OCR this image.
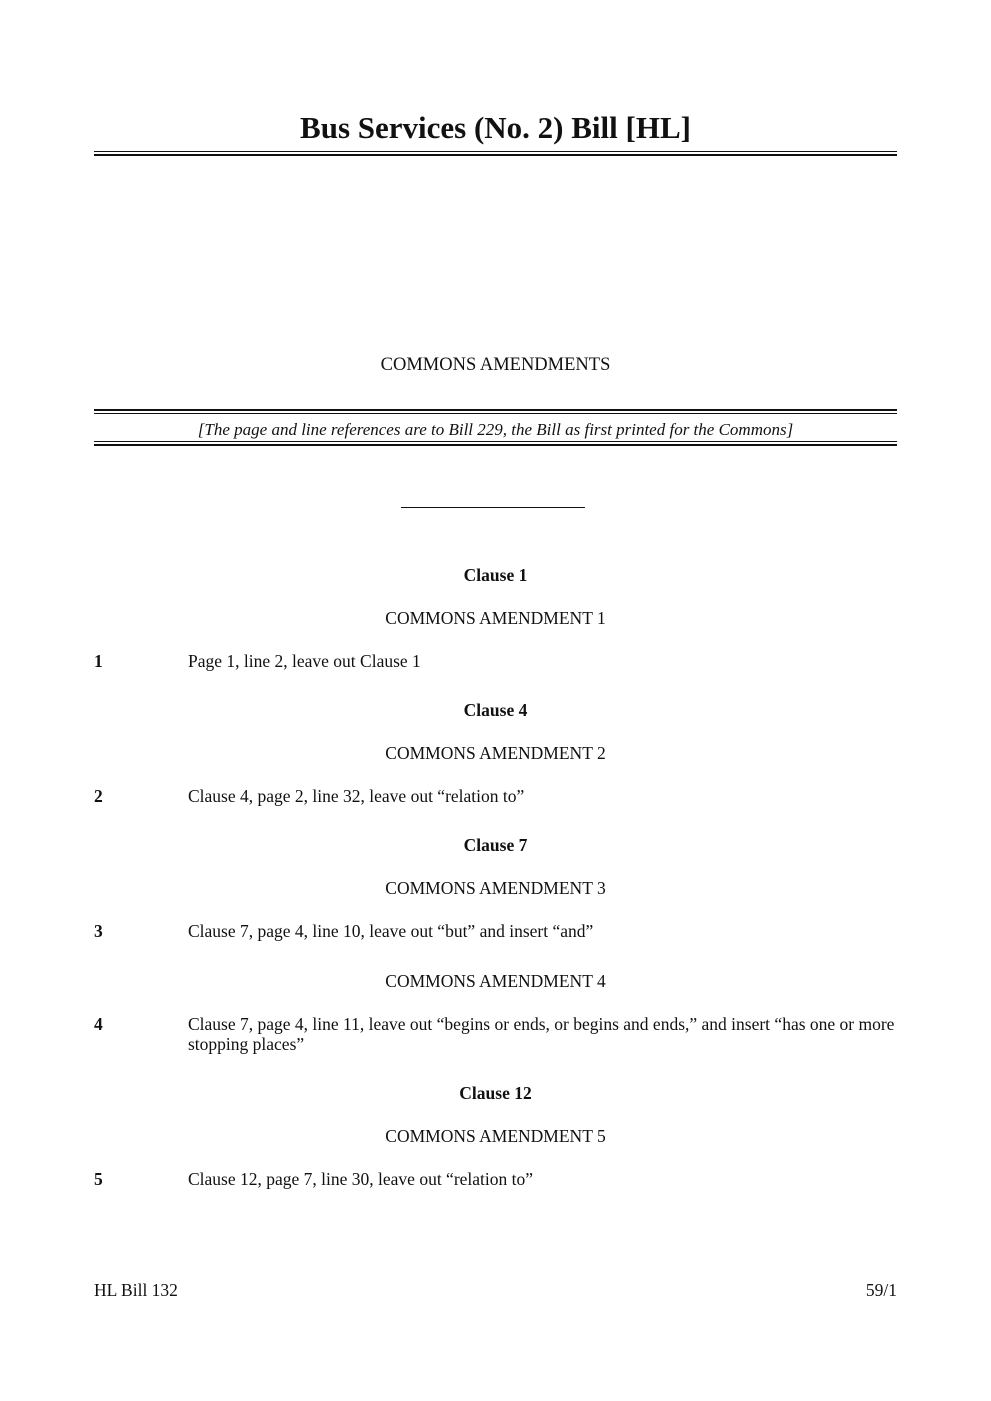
Bus Services (No. 2) Bill [HL]
COMMONS AMENDMENTS
[The page and line references are to Bill 229, the Bill as first printed for the Commons]
Clause 1
COMMONS AMENDMENT 1
1	Page 1, line 2, leave out Clause 1
Clause 4
COMMONS AMENDMENT 2
2	Clause 4, page 2, line 32, leave out “relation to”
Clause 7
COMMONS AMENDMENT 3
3	Clause 7, page 4, line 10, leave out “but” and insert “and”
COMMONS AMENDMENT 4
4	Clause 7, page 4, line 11, leave out “begins or ends, or begins and ends,” and insert “has one or more stopping places”
Clause 12
COMMONS AMENDMENT 5
5	Clause 12, page 7, line 30, leave out “relation to”
HL Bill 132	59/1
